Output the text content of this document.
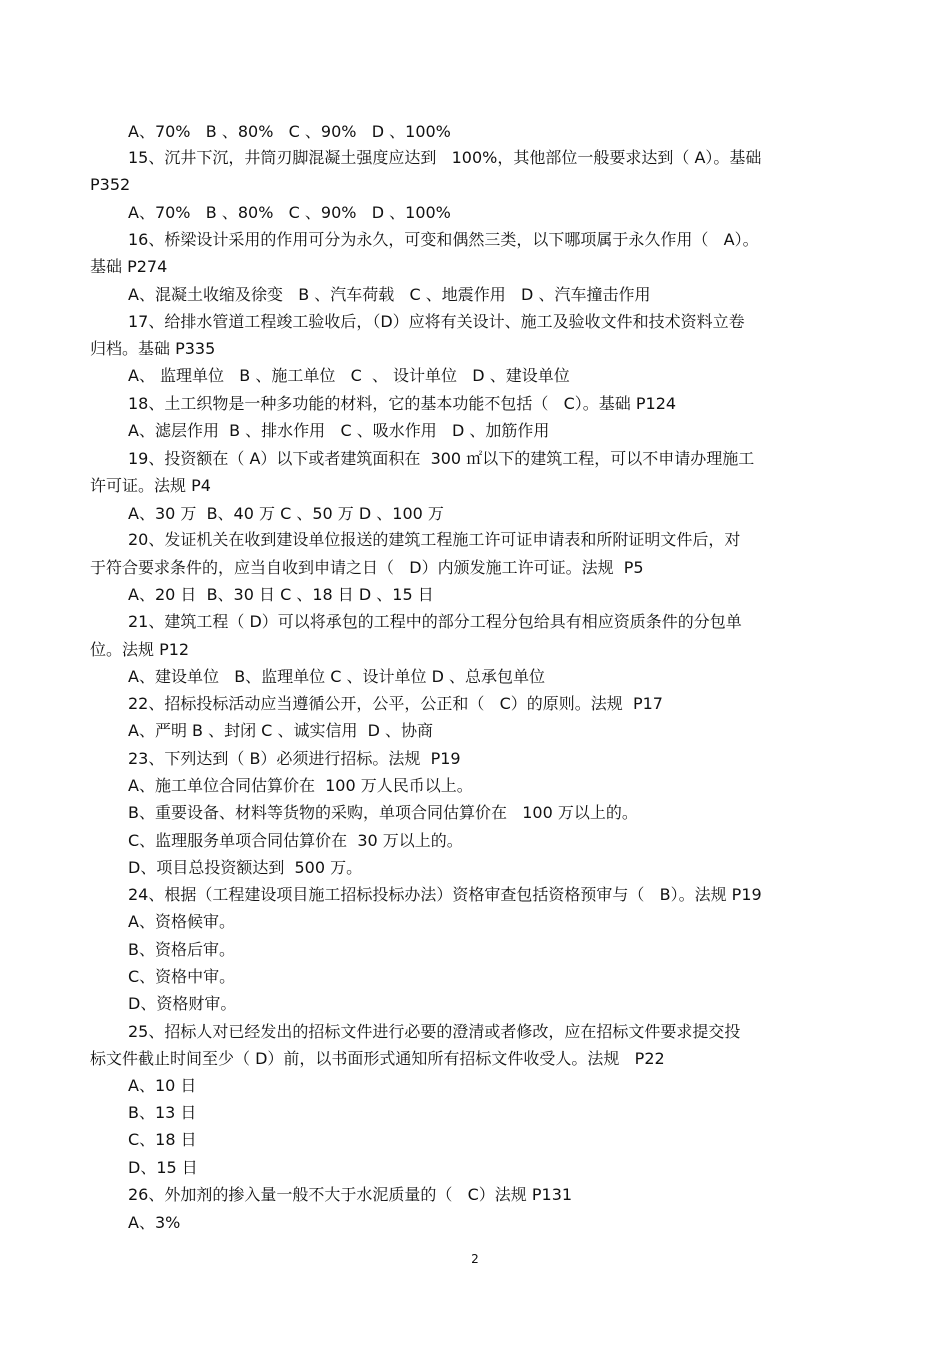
A、70%   B 、80%   C 、90%   D 、100%
15、沉井下沉，井筒刃脚混凝土强度应达到   100%，其他部位一般要求达到（ A）。基础
P352
A、70%   B 、80%   C 、90%   D 、100%
16、桥梁设计采用的作用可分为永久，可变和偶然三类，以下哪项属于永久作用（   A）。
基础 P274
A、混凝土收缩及徐变   B 、汽车荷载   C 、地震作用   D 、汽车撞击作用
17、给排水管道工程竣工验收后，（D）应将有关设计、施工及验收文件和技术资料立卷
归档。基础 P335
A、 监理单位   B 、施工单位   C  、 设计单位   D 、建设单位
18、土工织物是一种多功能的材料，它的基本功能不包括（   C）。基础 P124
A、滤层作用  B 、排水作用   C 、吸水作用   D 、加筋作用
19、投资额在（ A）以下或者建筑面积在  300 ㎡以下的建筑工程，可以不申请办理施工
许可证。法规 P4
A、30 万  B、40 万 C 、50 万 D 、100 万
20、发证机关在收到建设单位报送的建筑工程施工许可证申请表和所附证明文件后，对
于符合要求条件的，应当自收到申请之日（   D）内颁发施工许可证。法规  P5
A、20 日  B、30 日 C 、18 日 D 、15 日
21、建筑工程（ D）可以将承包的工程中的部分工程分包给具有相应资质条件的分包单
位。法规 P12
A、建设单位   B、监理单位 C 、设计单位 D 、总承包单位
22、招标投标活动应当遵循公开，公平，公正和（   C）的原则。法规  P17
A、严明 B 、封闭 C 、诚实信用  D 、协商
23、下列达到（ B）必须进行招标。法规  P19
A、施工单位合同估算价在  100 万人民币以上。
B、重要设备、材料等货物的采购，单项合同估算价在   100 万以上的。
C、监理服务单项合同估算价在  30 万以上的。
D、项目总投资额达到  500 万。
24、根据（工程建设项目施工招标投标办法）资格审查包括资格预审与（   B）。法规 P19
A、资格候审。
B、资格后审。
C、资格中审。
D、资格财审。
25、招标人对已经发出的招标文件进行必要的澄清或者修改，应在招标文件要求提交投
标文件截止时间至少（ D）前，以书面形式通知所有招标文件收受人。法规   P22
A、10 日
B、13 日
C、18 日
D、15 日
26、外加剂的掺入量一般不大于水泥质量的（   C）法规 P131
A、3%
2
